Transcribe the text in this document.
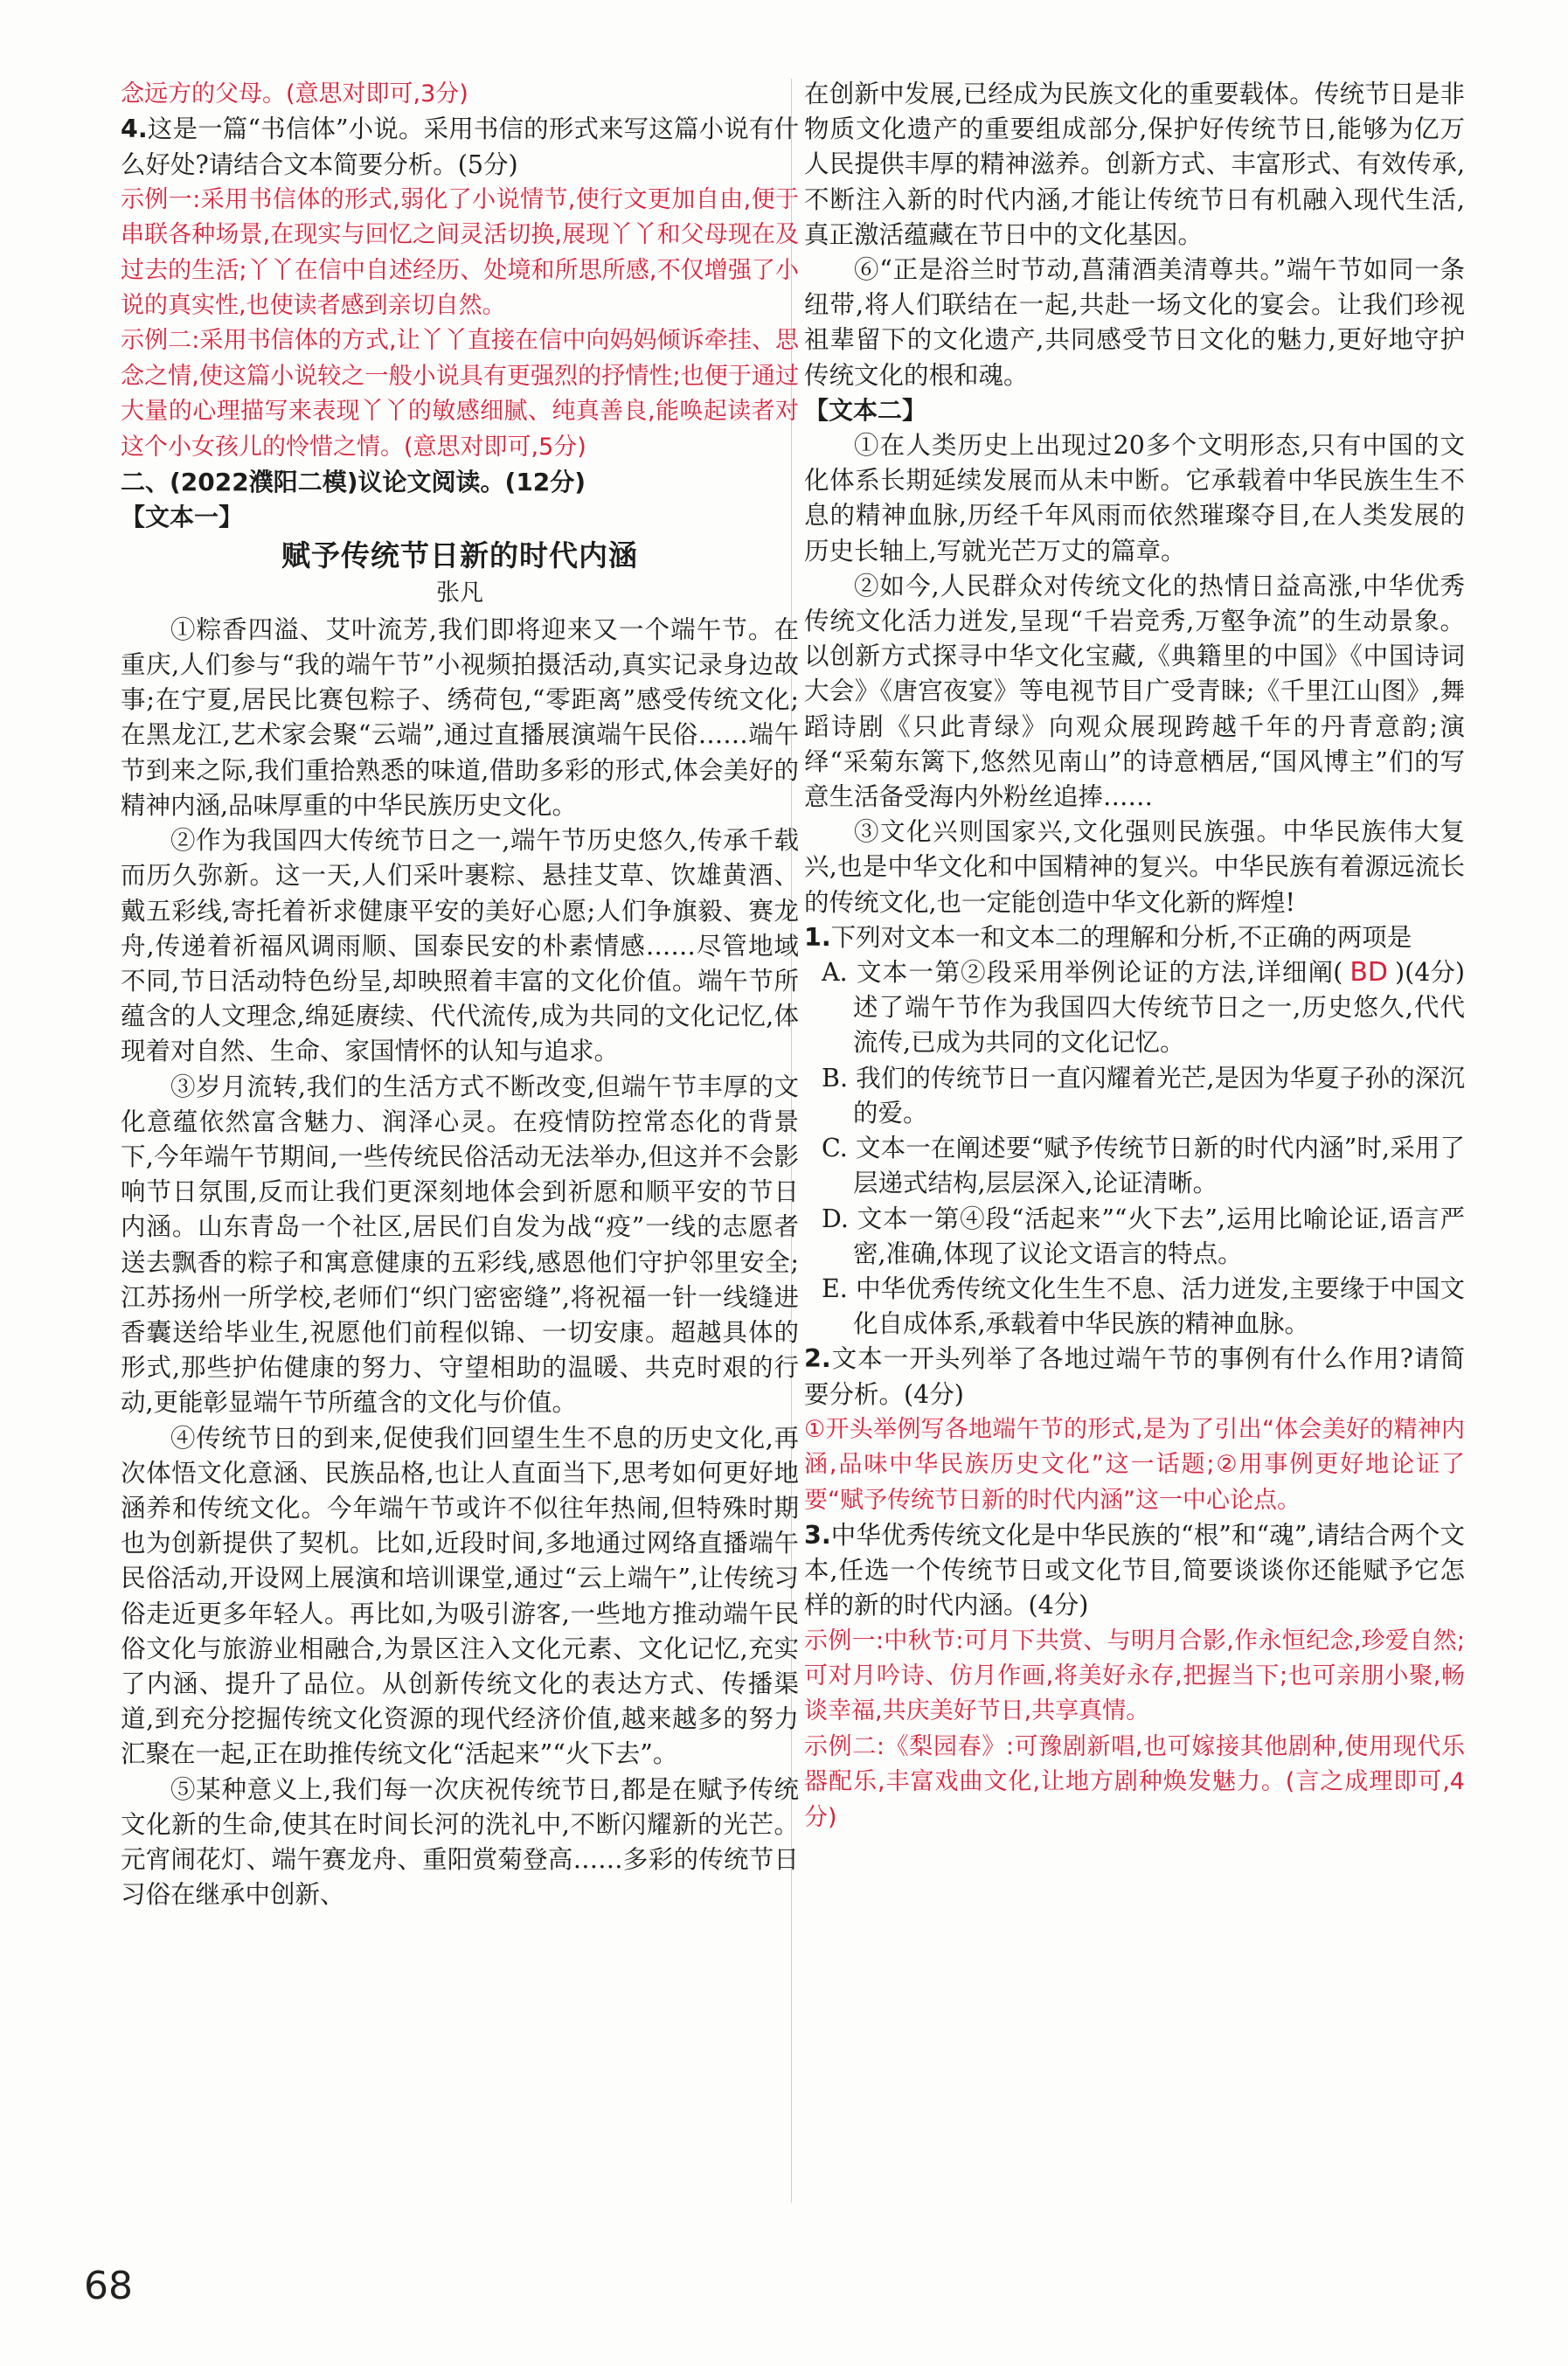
念远方的父母。(意思对即可,3分)

4.这是一篇“书信体”小说。采用书信的形式来写这篇小说有什么好处?请结合文本简要分析。(5分)

示例一:采用书信体的形式,弱化了小说情节,使行文更加自由,便于串联各种场景,在现实与回忆之间灵活切换,展现丫丫和父母现在及过去的生活;丫丫在信中自述经历、处境和所思所感,不仅增强了小说的真实性,也使读者感到亲切自然。

示例二:采用书信体的方式,让丫丫直接在信中向妈妈倾诉牵挂、思念之情,使这篇小说较之一般小说具有更强烈的抒情性;也便于通过大量的心理描写来表现丫丫的敏感细腻、纯真善良,能唤起读者对这个小女孩儿的怜惜之情。(意思对即可,5分)

二、(2022濮阳二模)议论文阅读。(12分)

【文本一】

赋予传统节日新的时代内涵

张凡

①粽香四溢、艾叶流芳,我们即将迎来又一个端午节。在重庆,人们参与“我的端午节”小视频拍摄活动,真实记录身边故事;在宁夏,居民比赛包粽子、绣荷包,“零距离”感受传统文化;在黑龙江,艺术家会聚“云端”,通过直播展演端午民俗……端午节到来之际,我们重拾熟悉的味道,借助多彩的形式,体会美好的精神内涵,品味厚重的中华民族历史文化。

②作为我国四大传统节日之一,端午节历史悠久,传承千载而历久弥新。这一天,人们采叶裹粽、悬挂艾草、饮雄黄酒、戴五彩线,寄托着祈求健康平安的美好心愿;人们争旗毅、赛龙舟,传递着祈福风调雨顺、国泰民安的朴素情感……尽管地域不同,节日活动特色纷呈,却映照着丰富的文化价值。端午节所蕴含的人文理念,绵延赓续、代代流传,成为共同的文化记忆,体现着对自然、生命、家国情怀的认知与追求。

③岁月流转,我们的生活方式不断改变,但端午节丰厚的文化意蕴依然富含魅力、润泽心灵。在疫情防控常态化的背景下,今年端午节期间,一些传统民俗活动无法举办,但这并不会影响节日氛围,反而让我们更深刻地体会到祈愿和顺平安的节日内涵。山东青岛一个社区,居民们自发为战“疫”一线的志愿者送去飘香的粽子和寓意健康的五彩线,感恩他们守护邻里安全;江苏扬州一所学校,老师们“织门密密缝”,将祝福一针一线缝进香囊送给毕业生,祝愿他们前程似锦、一切安康。超越具体的形式,那些护佑健康的努力、守望相助的温暖、共克时艰的行动,更能彰显端午节所蕴含的文化与价值。

④传统节日的到来,促使我们回望生生不息的历史文化,再次体悟文化意涵、民族品格,也让人直面当下,思考如何更好地涵养和传统文化。今年端午节或许不似往年热闹,但特殊时期也为创新提供了契机。比如,近段时间,多地通过网络直播端午民俗活动,开设网上展演和培训课堂,通过“云上端午”,让传统习俗走近更多年轻人。再比如,为吸引游客,一些地方推动端午民俗文化与旅游业相融合,为景区注入文化元素、文化记忆,充实了内涵、提升了品位。从创新传统文化的表达方式、传播渠道,到充分挖掘传统文化资源的现代经济价值,越来越多的努力汇聚在一起,正在助推传统文化“活起来”“火下去”。

⑤某种意义上,我们每一次庆祝传统节日,都是在赋予传统文化新的生命,使其在时间长河的洗礼中,不断闪耀新的光芒。元宵闹花灯、端午赛龙舟、重阳赏菊登高……多彩的传统节日习俗在继承中创新、

在创新中发展,已经成为民族文化的重要载体。传统节日是非物质文化遗产的重要组成部分,保护好传统节日,能够为亿万人民提供丰厚的精神滋养。创新方式、丰富形式、有效传承,不断注入新的时代内涵,才能让传统节日有机融入现代生活,真正激活蕴藏在节日中的文化基因。

⑥“正是浴兰时节动,菖蒲酒美清尊共。”端午节如同一条纽带,将人们联结在一起,共赴一场文化的宴会。让我们珍视祖辈留下的文化遗产,共同感受节日文化的魅力,更好地守护传统文化的根和魂。

【文本二】

①在人类历史上出现过20多个文明形态,只有中国的文化体系长期延续发展而从未中断。它承载着中华民族生生不息的精神血脉,历经千年风雨而依然璀璨夺目,在人类发展的历史长轴上,写就光芒万丈的篇章。

②如今,人民群众对传统文化的热情日益高涨,中华优秀传统文化活力迸发,呈现“千岩竞秀,万壑争流”的生动景象。以创新方式探寻中华文化宝藏,《典籍里的中国》《中国诗词大会》《唐宫夜宴》等电视节目广受青睐;《千里江山图》,舞蹈诗剧《只此青绿》向观众展现跨越千年的丹青意韵;演绎“采菊东篱下,悠然见南山”的诗意栖居,“国风博主”们的写意生活备受海内外粉丝追捧……

③文化兴则国家兴,文化强则民族强。中华民族伟大复兴,也是中华文化和中国精神的复兴。中华民族有着源远流长的传统文化,也一定能创造中华文化新的辉煌!

1.下列对文本一和文本二的理解和分析,不正确的两项是
( BD )(4分)

A. 文本一第②段采用举例论证的方法,详细阐述了端午节作为我国四大传统节日之一,历史悠久,代代流传,已成为共同的文化记忆。

B. 我们的传统节日一直闪耀着光芒,是因为华夏子孙的深沉的爱。

C. 文本一在阐述要“赋予传统节日新的时代内涵”时,采用了层递式结构,层层深入,论证清晰。

D. 文本一第④段“活起来”“火下去”,运用比喻论证,语言严密,准确,体现了议论文语言的特点。

E. 中华优秀传统文化生生不息、活力迸发,主要缘于中国文化自成体系,承载着中华民族的精神血脉。

2.文本一开头列举了各地过端午节的事例有什么作用?请简要分析。(4分)

①开头举例写各地端午节的形式,是为了引出“体会美好的精神内涵,品味中华民族历史文化”这一话题;②用事例更好地论证了要“赋予传统节日新的时代内涵”这一中心论点。

3.中华优秀传统文化是中华民族的“根”和“魂”,请结合两个文本,任选一个传统节日或文化节目,简要谈谈你还能赋予它怎样的新的时代内涵。(4分)

示例一:中秋节:可月下共赏、与明月合影,作永恒纪念,珍爱自然;可对月吟诗、仿月作画,将美好永存,把握当下;也可亲朋小聚,畅谈幸福,共庆美好节日,共享真情。

示例二:《梨园春》:可豫剧新唱,也可嫁接其他剧种,使用现代乐器配乐,丰富戏曲文化,让地方剧种焕发魅力。(言之成理即可,4分)

68
